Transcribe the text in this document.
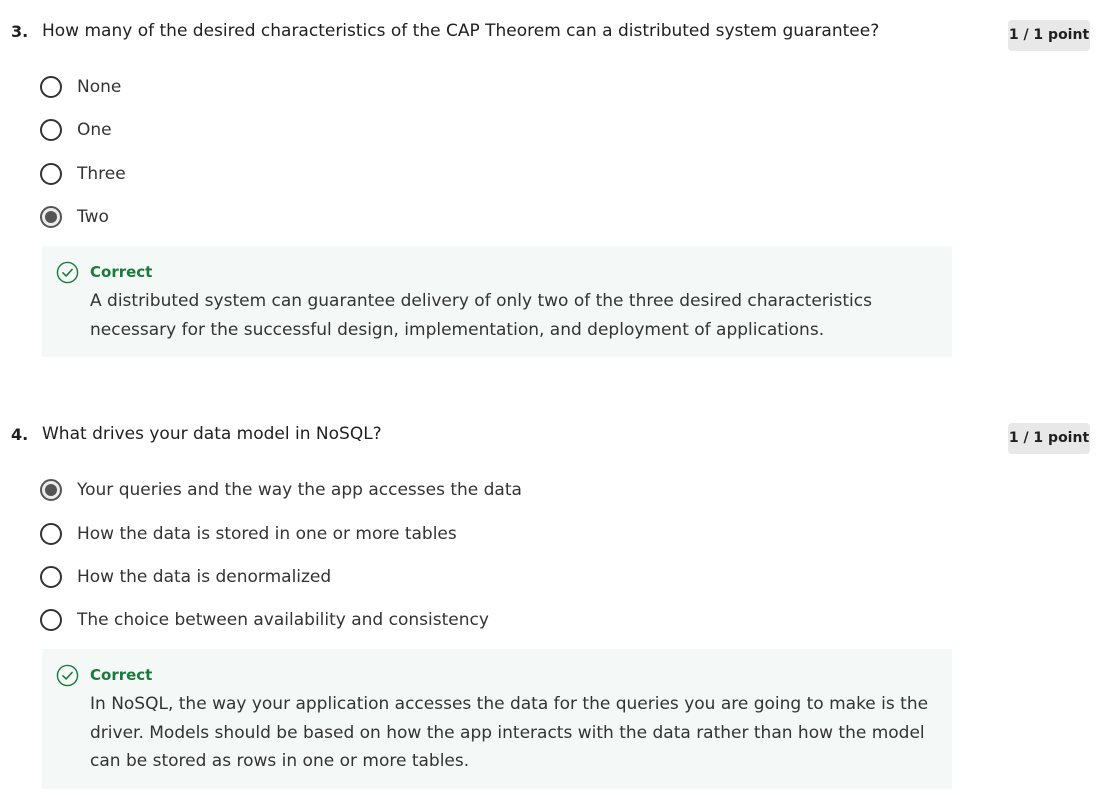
3. How many of the desired characteristics of the CAP Theorem can a distributed system guarantee?	1 / 1 point
None
One
Three
Two
Correct
A distributed system can guarantee delivery of only two of the three desired characteristics necessary for the successful design, implementation, and deployment of applications.
4. What drives your data model in NoSQL?	1 / 1 point
Your queries and the way the app accesses the data
How the data is stored in one or more tables
How the data is denormalized
The choice between availability and consistency
Correct
In NoSQL, the way your application accesses the data for the queries you are going to make is the driver. Models should be based on how the app interacts with the data rather than how the model can be stored as rows in one or more tables.
